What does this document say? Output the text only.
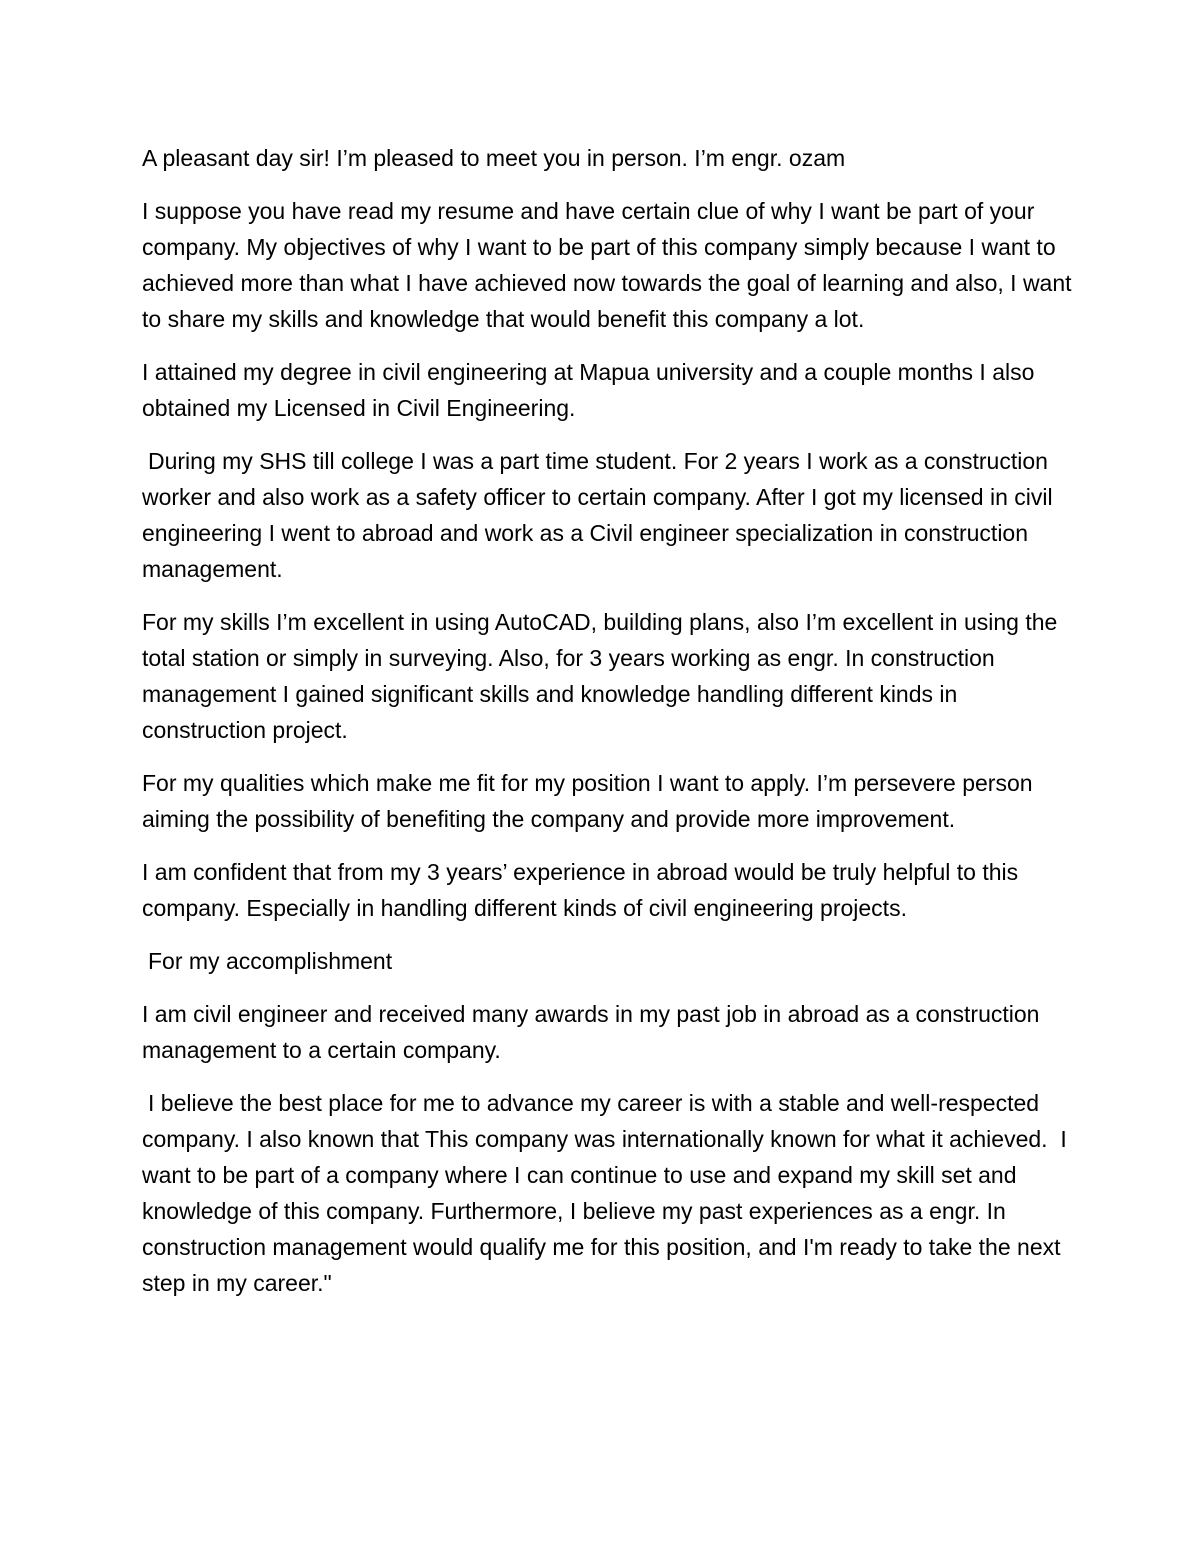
A pleasant day sir! I’m pleased to meet you in person. I’m engr. ozam

I suppose you have read my resume and have certain clue of why I want be part of your company. My objectives of why I want to be part of this company simply because I want to achieved more than what I have achieved now towards the goal of learning and also, I want to share my skills and knowledge that would benefit this company a lot.

I attained my degree in civil engineering at Mapua university and a couple months I also obtained my Licensed in Civil Engineering.

During my SHS till college I was a part time student. For 2 years I work as a construction worker and also work as a safety officer to certain company. After I got my licensed in civil engineering I went to abroad and work as a Civil engineer specialization in construction management.

For my skills I’m excellent in using AutoCAD, building plans, also I’m excellent in using the total station or simply in surveying. Also, for 3 years working as engr. In construction management I gained significant skills and knowledge handling different kinds in construction project.

For my qualities which make me fit for my position I want to apply. I’m persevere person aiming the possibility of benefiting the company and provide more improvement.

I am confident that from my 3 years’ experience in abroad would be truly helpful to this company. Especially in handling different kinds of civil engineering projects.

For my accomplishment

I am civil engineer and received many awards in my past job in abroad as a construction management to a certain company.

I believe the best place for me to advance my career is with a stable and well-respected company. I also known that This company was internationally known for what it achieved.  I want to be part of a company where I can continue to use and expand my skill set and knowledge of this company. Furthermore, I believe my past experiences as a engr. In construction management would qualify me for this position, and I'm ready to take the next step in my career."
